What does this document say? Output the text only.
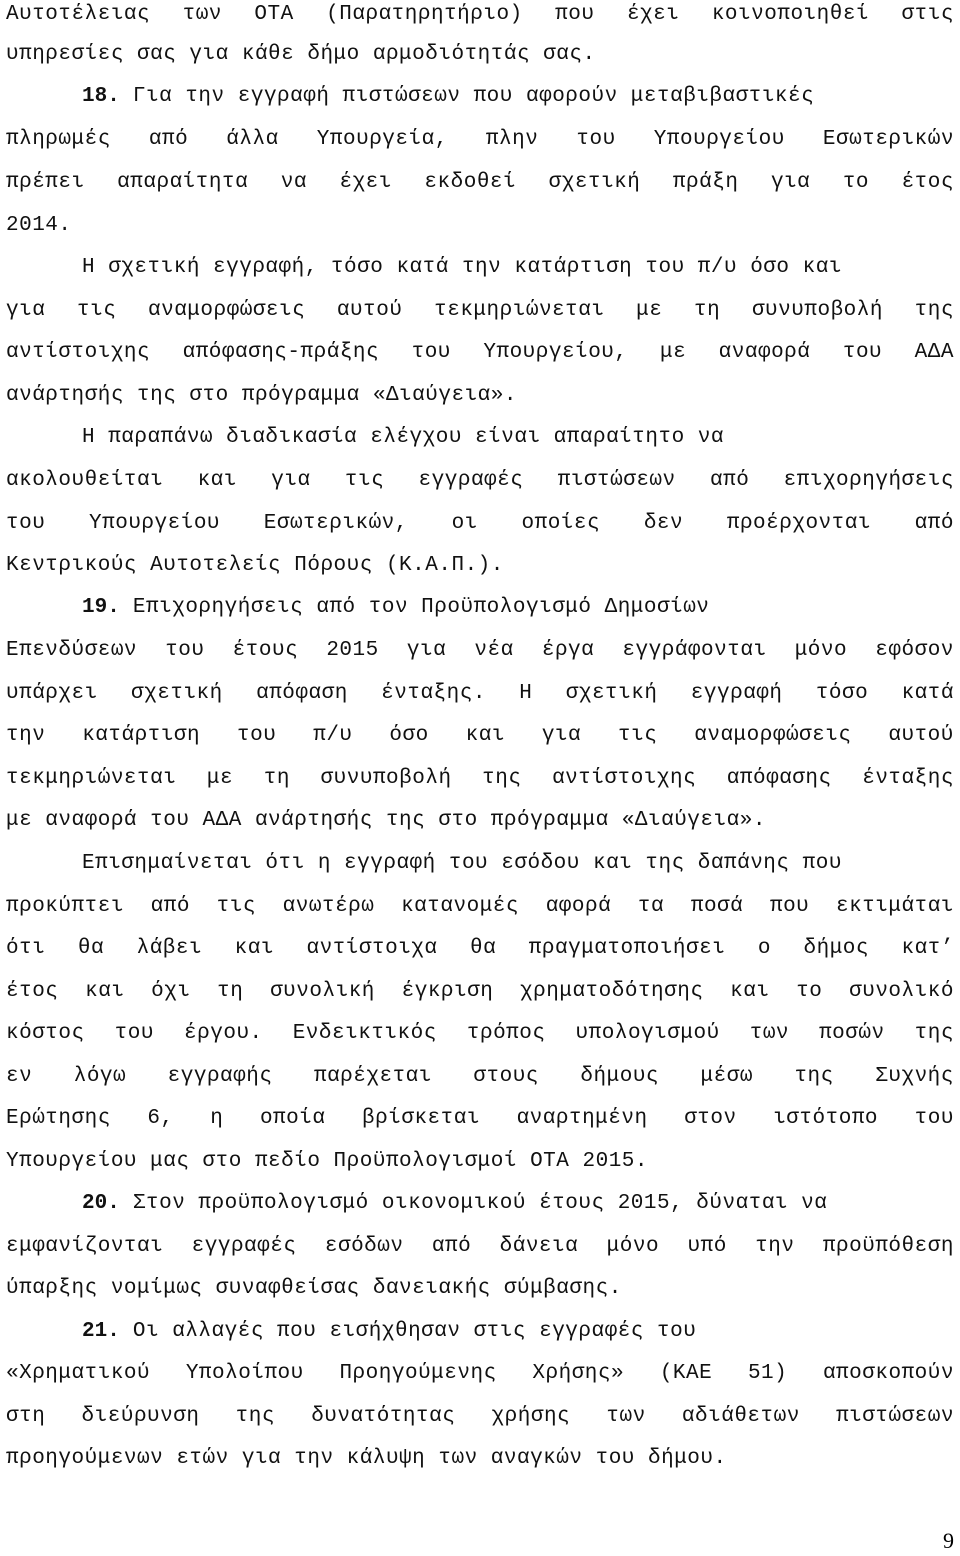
Αυτοτέλειας των ΟΤΑ (Παρατηρητήριο) που έχει κοινοποιηθεί στις
υπηρεσίες σας για κάθε δήμο αρμοδιότητάς σας.
18. Για την εγγραφή πιστώσεων που αφορούν μεταβιβαστικές
πληρωμές από άλλα Υπουργεία, πλην του Υπουργείου Εσωτερικών
πρέπει απαραίτητα να έχει εκδοθεί σχετική πράξη για το έτος
2014.
Η σχετική εγγραφή, τόσο κατά την κατάρτιση του π/υ όσο και
για τις αναμορφώσεις αυτού τεκμηριώνεται με τη συνυποβολή της
αντίστοιχης απόφασης-πράξης του Υπουργείου, με αναφορά του ΑΔΑ
ανάρτησής της στο πρόγραμμα «Διαύγεια».
Η παραπάνω διαδικασία ελέγχου είναι απαραίτητο να
ακολουθείται και για τις εγγραφές πιστώσεων από επιχορηγήσεις
του Υπουργείου Εσωτερικών, οι οποίες δεν προέρχονται από
Κεντρικούς Αυτοτελείς Πόρους (Κ.Α.Π.).
19. Επιχορηγήσεις από τον Προϋπολογισμό Δημοσίων
Επενδύσεων του έτους 2015 για νέα έργα εγγράφονται μόνο εφόσον
υπάρχει σχετική απόφαση ένταξης. Η σχετική εγγραφή τόσο κατά
την κατάρτιση του π/υ όσο και για τις αναμορφώσεις αυτού
τεκμηριώνεται με τη συνυποβολή της αντίστοιχης απόφασης ένταξης
με αναφορά του ΑΔΑ ανάρτησής της στο πρόγραμμα «Διαύγεια».
Επισημαίνεται ότι η εγγραφή του εσόδου και της δαπάνης που
προκύπτει από τις ανωτέρω κατανομές αφορά τα ποσά που εκτιμάται
ότι θα λάβει και αντίστοιχα θα πραγματοποιήσει ο δήμος κατ’
έτος και όχι τη συνολική έγκριση χρηματοδότησης και το συνολικό
κόστος του έργου. Ενδεικτικός τρόπος υπολογισμού των ποσών της
εν λόγω εγγραφής παρέχεται στους δήμους μέσω της Συχνής
Ερώτησης 6, η οποία βρίσκεται αναρτημένη στον ιστότοπο του
Υπουργείου μας στο πεδίο Προϋπολογισμοί ΟΤΑ 2015.
20. Στον προϋπολογισμό οικονομικού έτους 2015, δύναται να
εμφανίζονται εγγραφές εσόδων από δάνεια μόνο υπό την προϋπόθεση
ύπαρξης νομίμως συναφθείσας δανειακής σύμβασης.
21. Οι αλλαγές που εισήχθησαν στις εγγραφές του
«Χρηματικού Υπολοίπου Προηγούμενης Χρήσης» (ΚΑΕ 51) αποσκοπούν
στη διεύρυνση της δυνατότητας χρήσης των αδιάθετων πιστώσεων
προηγούμενων ετών για την κάλυψη των αναγκών του δήμου.
9
